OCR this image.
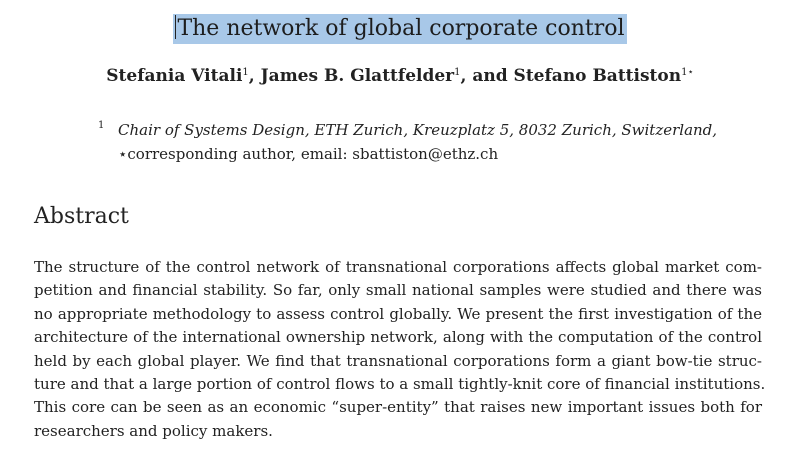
The network of global corporate control
Stefania Vitali$^1$, James B. Glattfelder$^1$, and Stefano Battiston$^{1⋆}$
1 Chair of Systems Design, ETH Zurich, Kreuzplatz 5, 8032 Zurich, Switzerland,
⋆corresponding author, email: sbattiston@ethz.ch
Abstract
The structure of the control network of transnational corporations affects global market com-
petition and financial stability. So far, only small national samples were studied and there was
no appropriate methodology to assess control globally. We present the first investigation of the
architecture of the international ownership network, along with the computation of the control
held by each global player. We find that transnational corporations form a giant bow-tie struc-
ture and that a large portion of control flows to a small tightly-knit core of financial institutions.
This core can be seen as an economic “super-entity” that raises new important issues both for
researchers and policy makers.
